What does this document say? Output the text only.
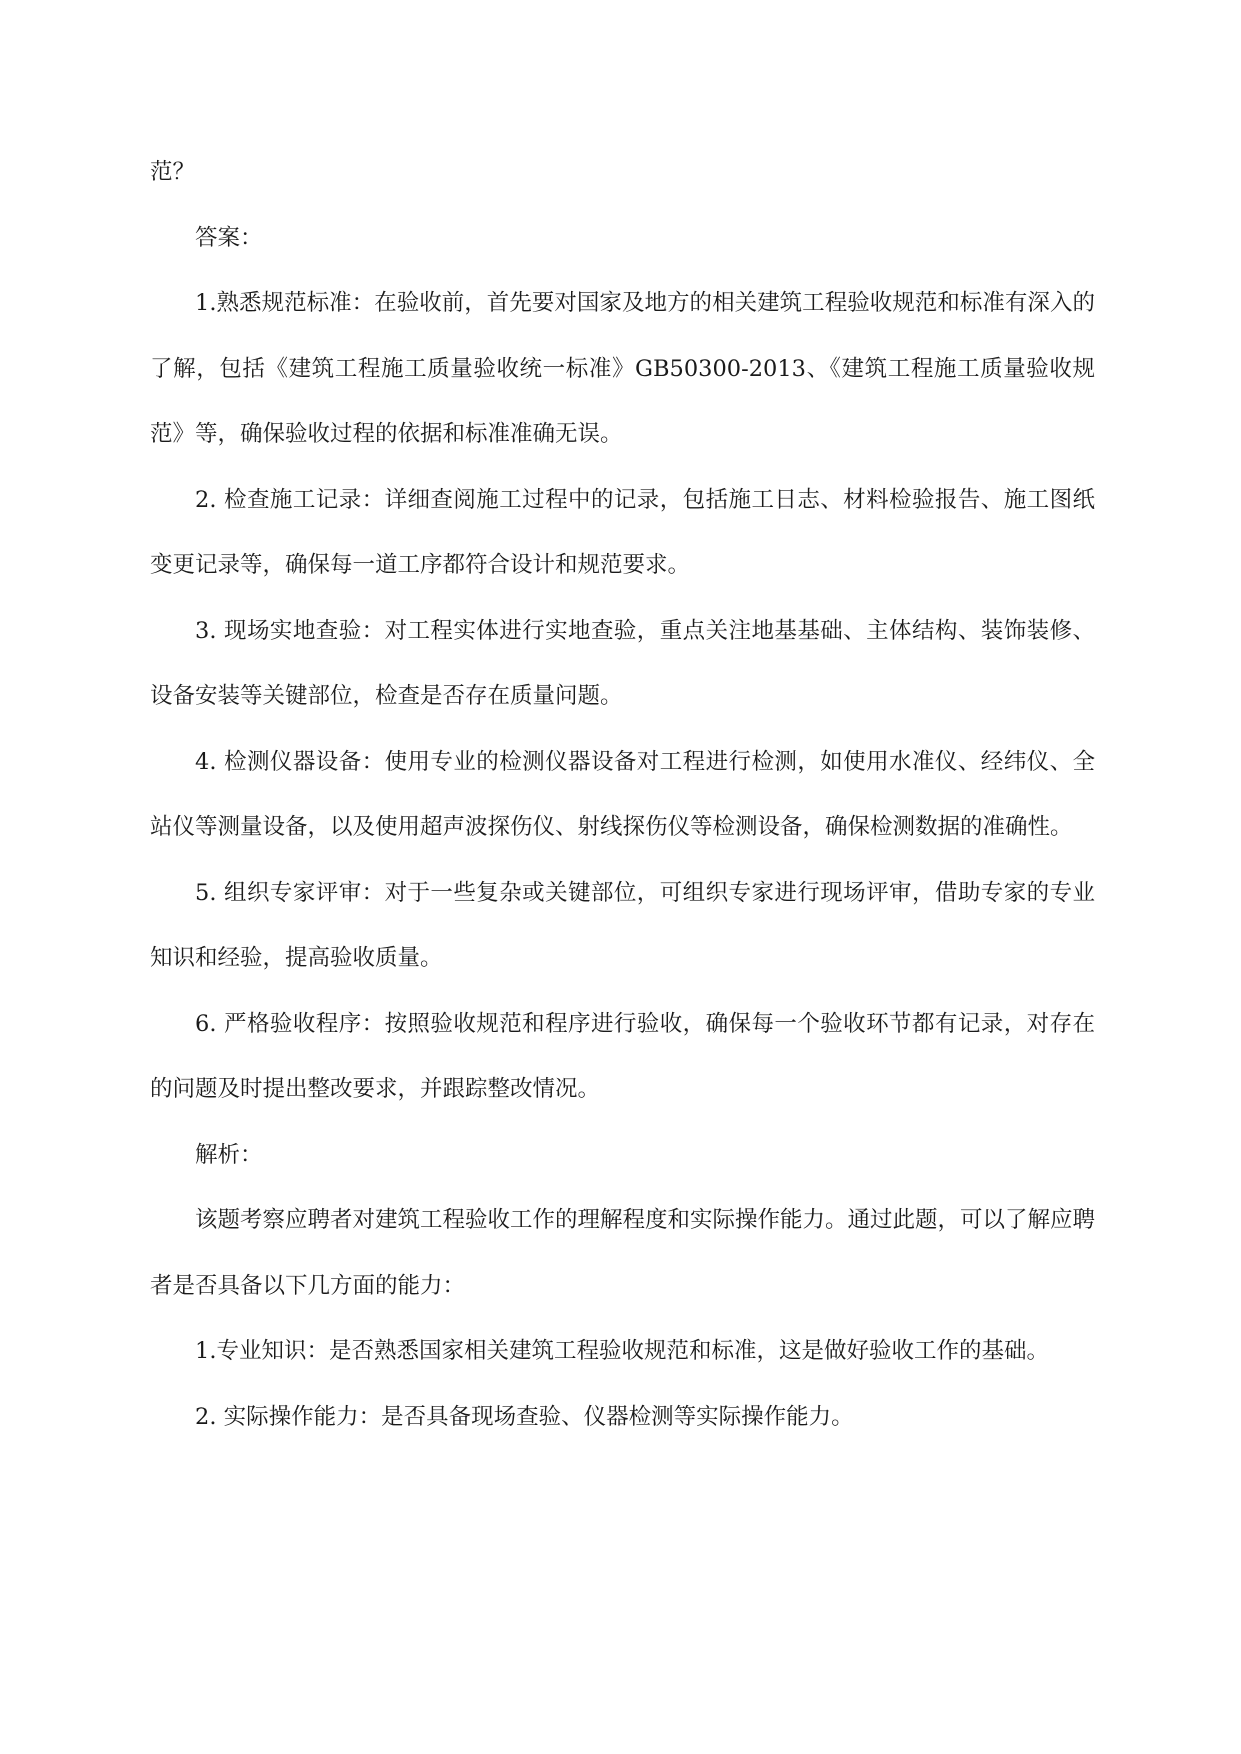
范？

答案：

1.熟悉规范标准：在验收前，首先要对国家及地方的相关建筑工程验收规范和标准有深入的了解，包括《建筑工程施工质量验收统一标准》GB50300-2013、《建筑工程施工质量验收规范》等，确保验收过程的依据和标准准确无误。

2. 检查施工记录：详细查阅施工过程中的记录，包括施工日志、材料检验报告、施工图纸变更记录等，确保每一道工序都符合设计和规范要求。

3. 现场实地查验：对工程实体进行实地查验，重点关注地基基础、主体结构、装饰装修、设备安装等关键部位，检查是否存在质量问题。

4. 检测仪器设备：使用专业的检测仪器设备对工程进行检测，如使用水准仪、经纬仪、全站仪等测量设备，以及使用超声波探伤仪、射线探伤仪等检测设备，确保检测数据的准确性。

5. 组织专家评审：对于一些复杂或关键部位，可组织专家进行现场评审，借助专家的专业知识和经验，提高验收质量。

6. 严格验收程序：按照验收规范和程序进行验收，确保每一个验收环节都有记录，对存在的问题及时提出整改要求，并跟踪整改情况。

解析：

该题考察应聘者对建筑工程验收工作的理解程度和实际操作能力。通过此题，可以了解应聘者是否具备以下几方面的能力：

1.专业知识：是否熟悉国家相关建筑工程验收规范和标准，这是做好验收工作的基础。

2. 实际操作能力：是否具备现场查验、仪器检测等实际操作能力。
